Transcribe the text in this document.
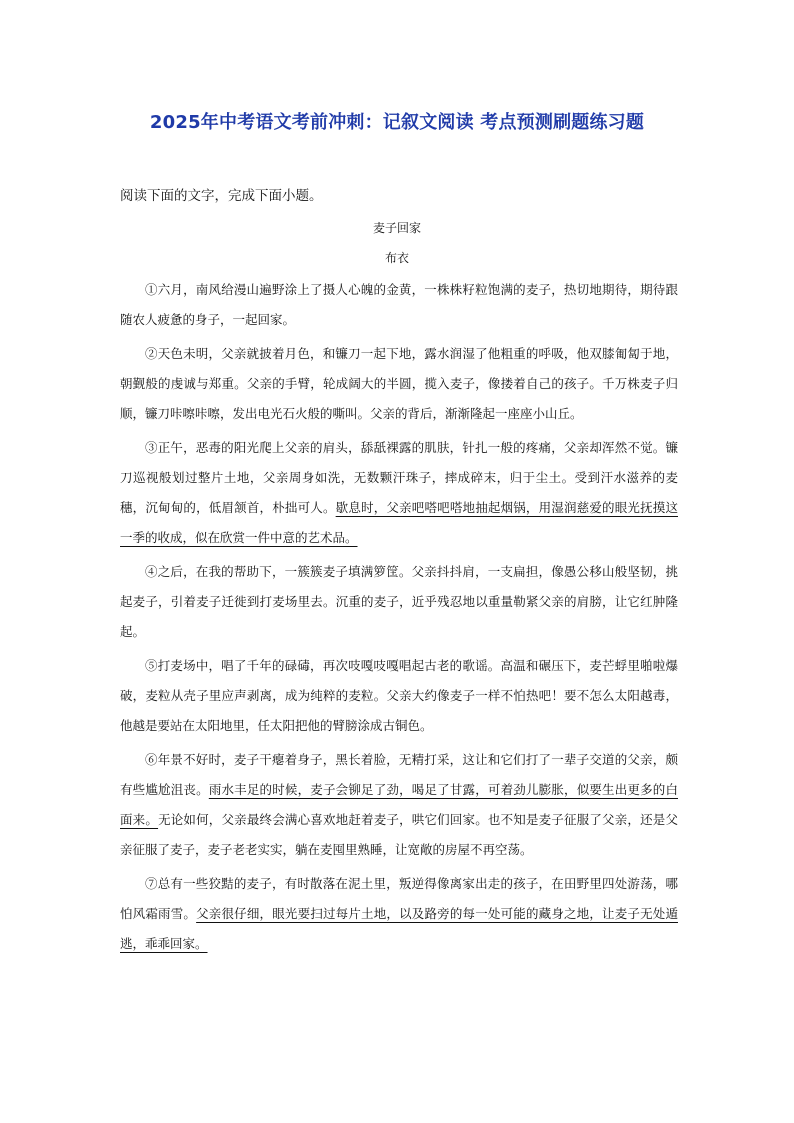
2025年中考语文考前冲刺：记叙文阅读 考点预测刷题练习题
阅读下面的文字，完成下面小题。
麦子回家
布衣

①六月，南风给漫山遍野涂上了摄人心魄的金黄，一株株籽粒饱满的麦子，热切地期待，期待跟随农人疲惫的身子，一起回家。

②天色未明，父亲就披着月色，和镰刀一起下地，露水润湿了他粗重的呼吸，他双膝匍匐于地，朝觐般的虔诚与郑重。父亲的手臂，轮成阔大的半圆，揽入麦子，像搂着自己的孩子。千万株麦子归顺，镰刀咔嚓咔嚓，发出电光石火般的嘶叫。父亲的背后，渐渐隆起一座座小山丘。

③正午，恶毒的阳光爬上父亲的肩头，舔舐裸露的肌肤，针扎一般的疼痛，父亲却浑然不觉。镰刀巡视般划过整片土地，父亲周身如洗，无数颗汗珠子，摔成碎末，归于尘土。受到汗水滋养的麦穗，沉甸甸的，低眉颔首，朴拙可人。歇息时，父亲吧嗒吧嗒地抽起烟锅，用湿润慈爱的眼光抚摸这一季的收成，似在欣赏一件中意的艺术品。

④之后，在我的帮助下，一簇簇麦子填满箩筐。父亲抖抖肩，一支扁担，像愚公移山般坚韧，挑起麦子，引着麦子迁徙到打麦场里去。沉重的麦子，近乎残忍地以重量勒紧父亲的肩膀，让它红肿隆起。

⑤打麦场中，唱了千年的碌碡，再次吱嘎吱嘎唱起古老的歌谣。高温和碾压下，麦芒蜉里啪啦爆破，麦粒从壳子里应声剥离，成为纯粹的麦粒。父亲大约像麦子一样不怕热吧！要不怎么太阳越毒，他越是要站在太阳地里，任太阳把他的臂膀涂成古铜色。

⑥年景不好时，麦子干瘪着身子，黑长着脸，无精打采，这让和它们打了一辈子交道的父亲，颇有些尴尬沮丧。雨水丰足的时候，麦子会铆足了劲，喝足了甘露，可着劲儿膨胀，似要生出更多的白面来。无论如何，父亲最终会满心喜欢地赶着麦子，哄它们回家。也不知是麦子征服了父亲，还是父亲征服了麦子，麦子老老实实，躺在麦囤里熟睡，让宽敞的房屋不再空荡。

⑦总有一些狡黠的麦子，有时散落在泥土里，叛逆得像离家出走的孩子，在田野里四处游荡，哪怕风霜雨雪。父亲很仔细，眼光要扫过每片土地，以及路旁的每一处可能的藏身之地，让麦子无处遁逃，乖乖回家。
